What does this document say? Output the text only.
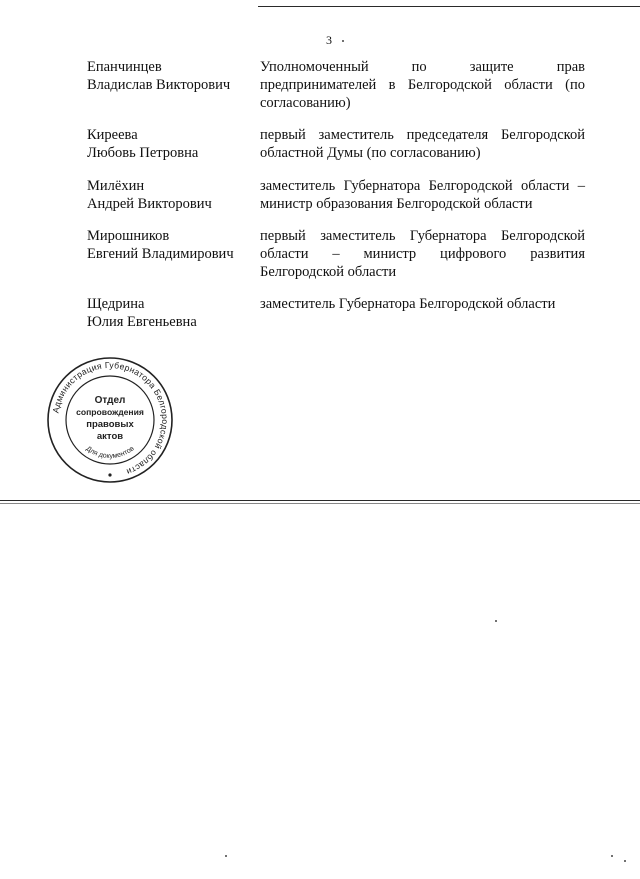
3
Епанчинцев
Владислав Викторович
Уполномоченный по защите прав предпринимателей в Белгородской области (по согласованию)
Киреева
Любовь Петровна
первый заместитель председателя Белгородской областной Думы (по согласованию)
Милёхин
Андрей Викторович
заместитель Губернатора Белгородской области – министр образования Белгородской области
Мирошников
Евгений Владимирович
первый заместитель Губернатора Белгородской области – министр цифрового развития Белгородской области
Щедрина
Юлия Евгеньевна
заместитель Губернатора Белгородской области
Администрация Губернатора Белгородской области
Для документов
Отдел
сопровождения
правовых
актов
